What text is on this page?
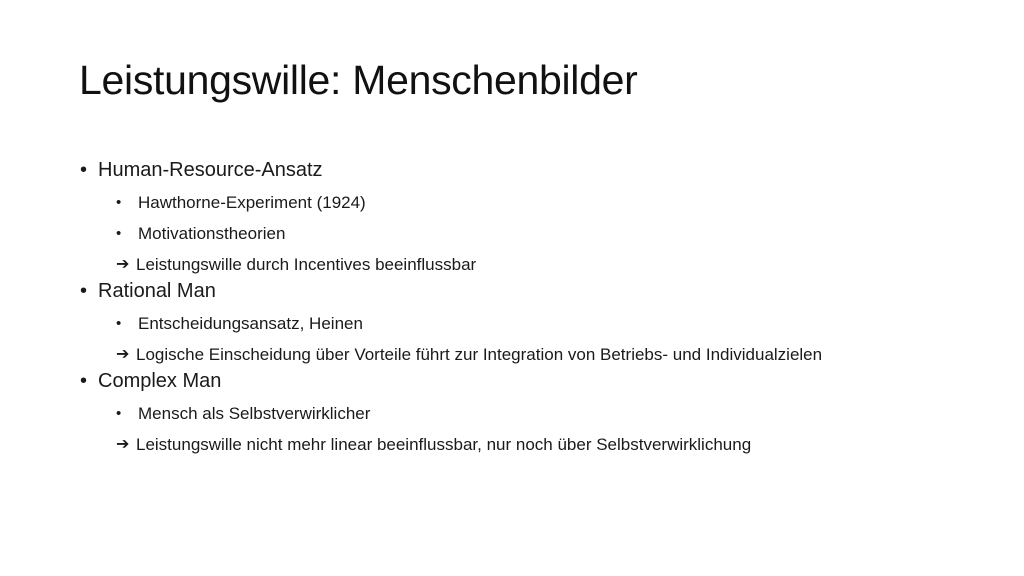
Leistungswille: Menschenbilder
• Human-Resource-Ansatz
• Hawthorne-Experiment (1924)
• Motivationstheorien
➔ Leistungswille durch Incentives beeinflussbar
• Rational Man
• Entscheidungsansatz, Heinen
➔ Logische Einscheidung über Vorteile führt zur Integration von Betriebs- und Individualzielen
• Complex Man
• Mensch als Selbstverwirklicher
➔ Leistungswille nicht mehr linear beeinflussbar, nur noch über Selbstverwirklichung
